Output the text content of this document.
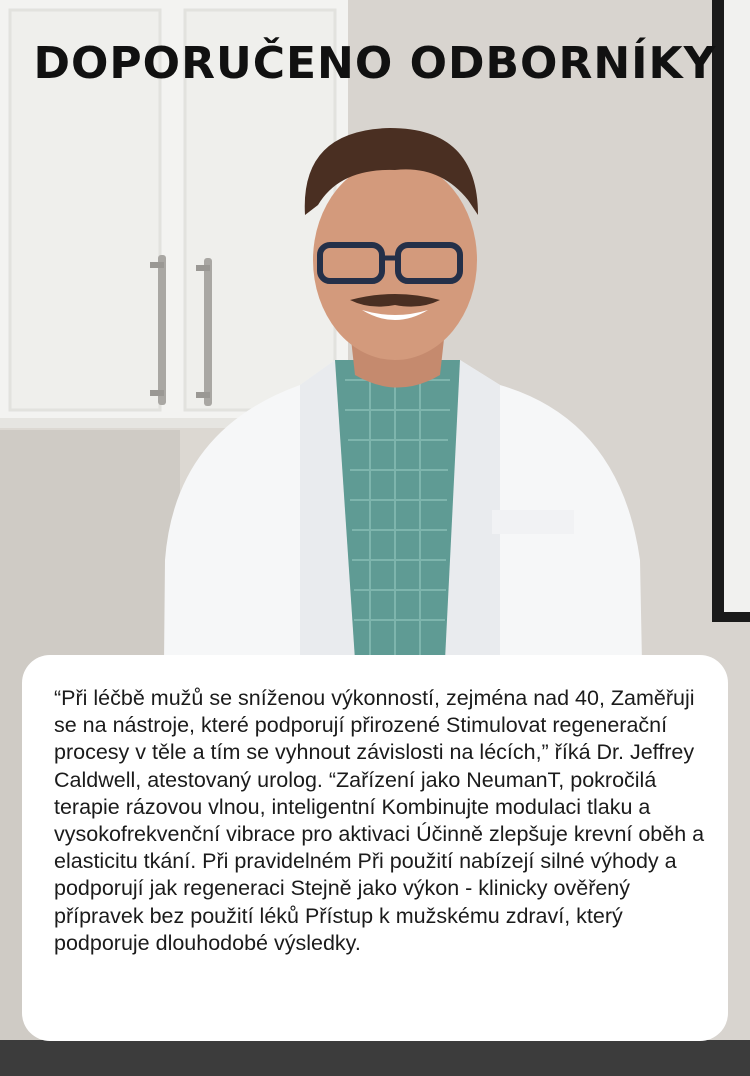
DOPORUČENO ODBORNÍKY

“Při léčbě mužů se sníženou výkonností, zejména nad 40, Zaměřuji se na nástroje, které podporují přirozené Stimulovat regenerační procesy v těle a tím se vyhnout závislosti na lécích,” říká Dr. Jeffrey Caldwell, atestovaný urolog. “Zařízení jako NeumanT, pokročilá terapie rázovou vlnou, inteligentní Kombinujte modulaci tlaku a vysokofrekvenční vibrace pro aktivaci Účinně zlepšuje krevní oběh a elasticitu tkání. Při pravidelném Při použití nabízejí silné výhody a podporují jak regeneraci Stejně jako výkon - klinicky ověřený přípravek bez použití léků Přístup k mužskému zdraví, který podporuje dlouhodobé výsledky.
